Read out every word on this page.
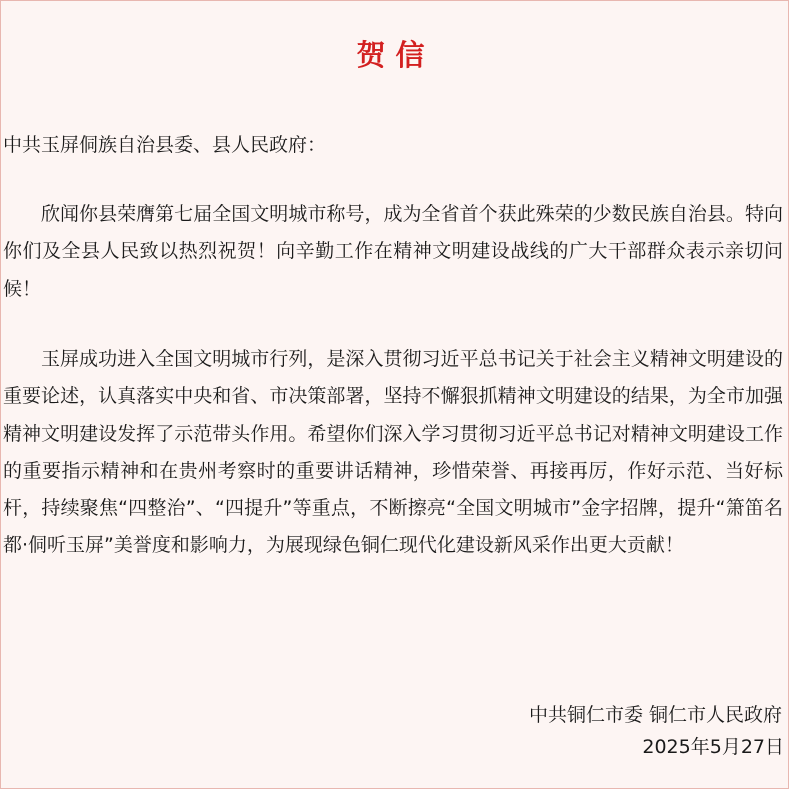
贺信
中共玉屏侗族自治县委、县人民政府：

欣闻你县荣膺第七届全国文明城市称号，成为全省首个获此殊荣的少数民族自治县。特向你们及全县人民致以热烈祝贺！向辛勤工作在精神文明建设战线的广大干部群众表示亲切问候！

玉屏成功进入全国文明城市行列，是深入贯彻习近平总书记关于社会主义精神文明建设的重要论述，认真落实中央和省、市决策部署，坚持不懈狠抓精神文明建设的结果，为全市加强精神文明建设发挥了示范带头作用。希望你们深入学习贯彻习近平总书记对精神文明建设工作的重要指示精神和在贵州考察时的重要讲话精神，珍惜荣誉、再接再厉，作好示范、当好标杆，持续聚焦“四整治”、“四提升”等重点，不断擦亮“全国文明城市”金字招牌，提升“箫笛名都·侗听玉屏”美誉度和影响力，为展现绿色铜仁现代化建设新风采作出更大贡献！

中共铜仁市委 铜仁市人民政府
2025年5月27日
